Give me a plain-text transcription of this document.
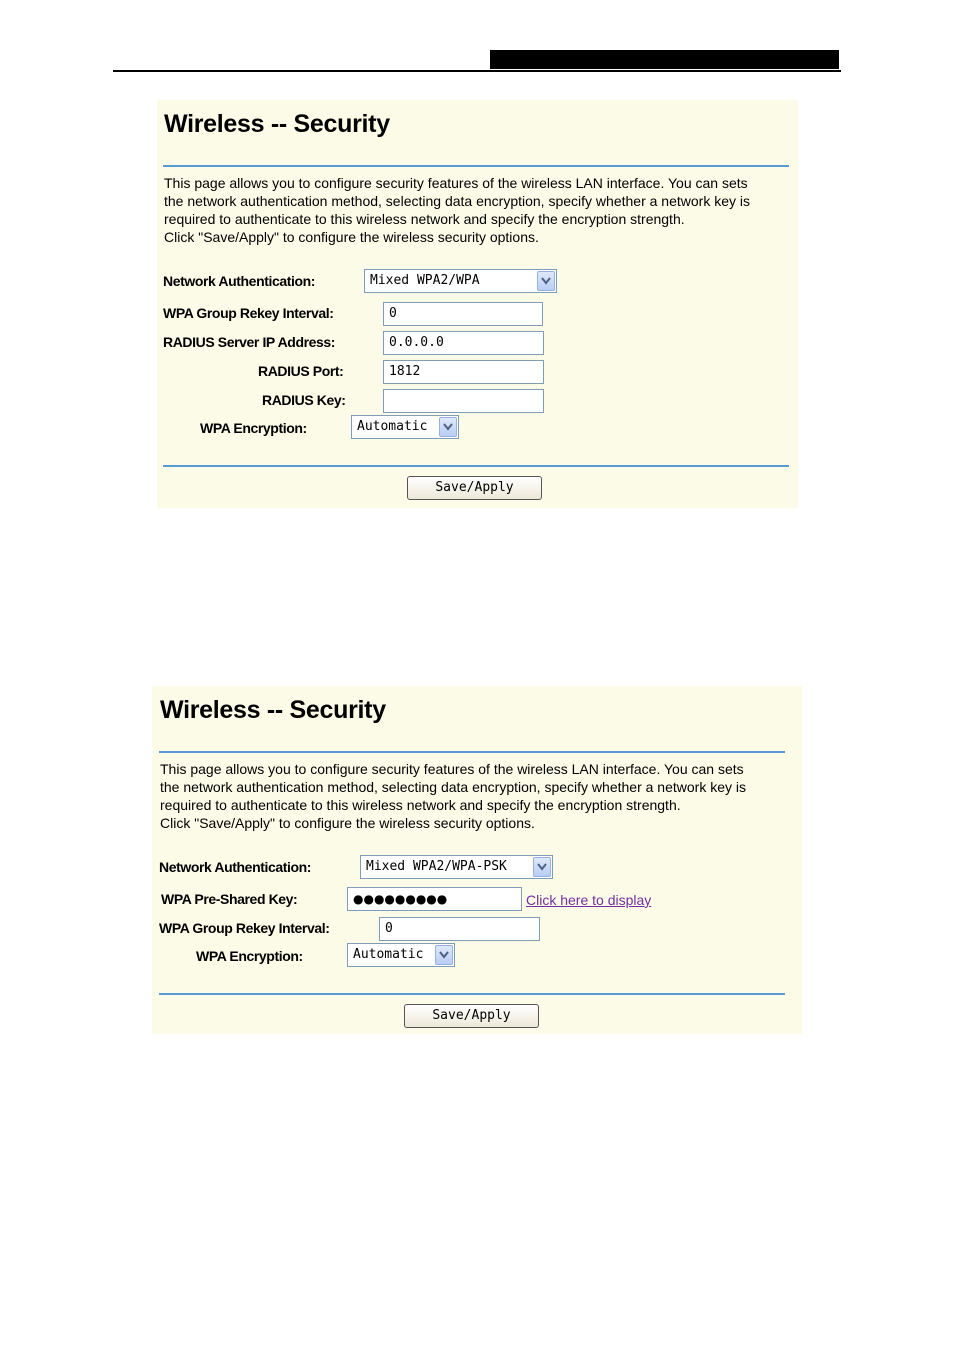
Wireless -- Security
This page allows you to configure security features of the wireless LAN interface. You can sets
the network authentication method, selecting data encryption, specify whether a network key is
required to authenticate to this wireless network and specify the encryption strength.
Click "Save/Apply" to configure the wireless security options.
Network Authentication:	Mixed WPA2/WPA
WPA Group Rekey Interval:	0
RADIUS Server IP Address:	0.0.0.0
RADIUS Port:	1812
RADIUS Key:
WPA Encryption:	Automatic
Save/Apply
Wireless -- Security
This page allows you to configure security features of the wireless LAN interface. You can sets
the network authentication method, selecting data encryption, specify whether a network key is
required to authenticate to this wireless network and specify the encryption strength.
Click "Save/Apply" to configure the wireless security options.
Network Authentication:	Mixed WPA2/WPA-PSK
WPA Pre-Shared Key:	●●●●●●●●●	Click here to display
WPA Group Rekey Interval:	0
WPA Encryption:	Automatic
Save/Apply
